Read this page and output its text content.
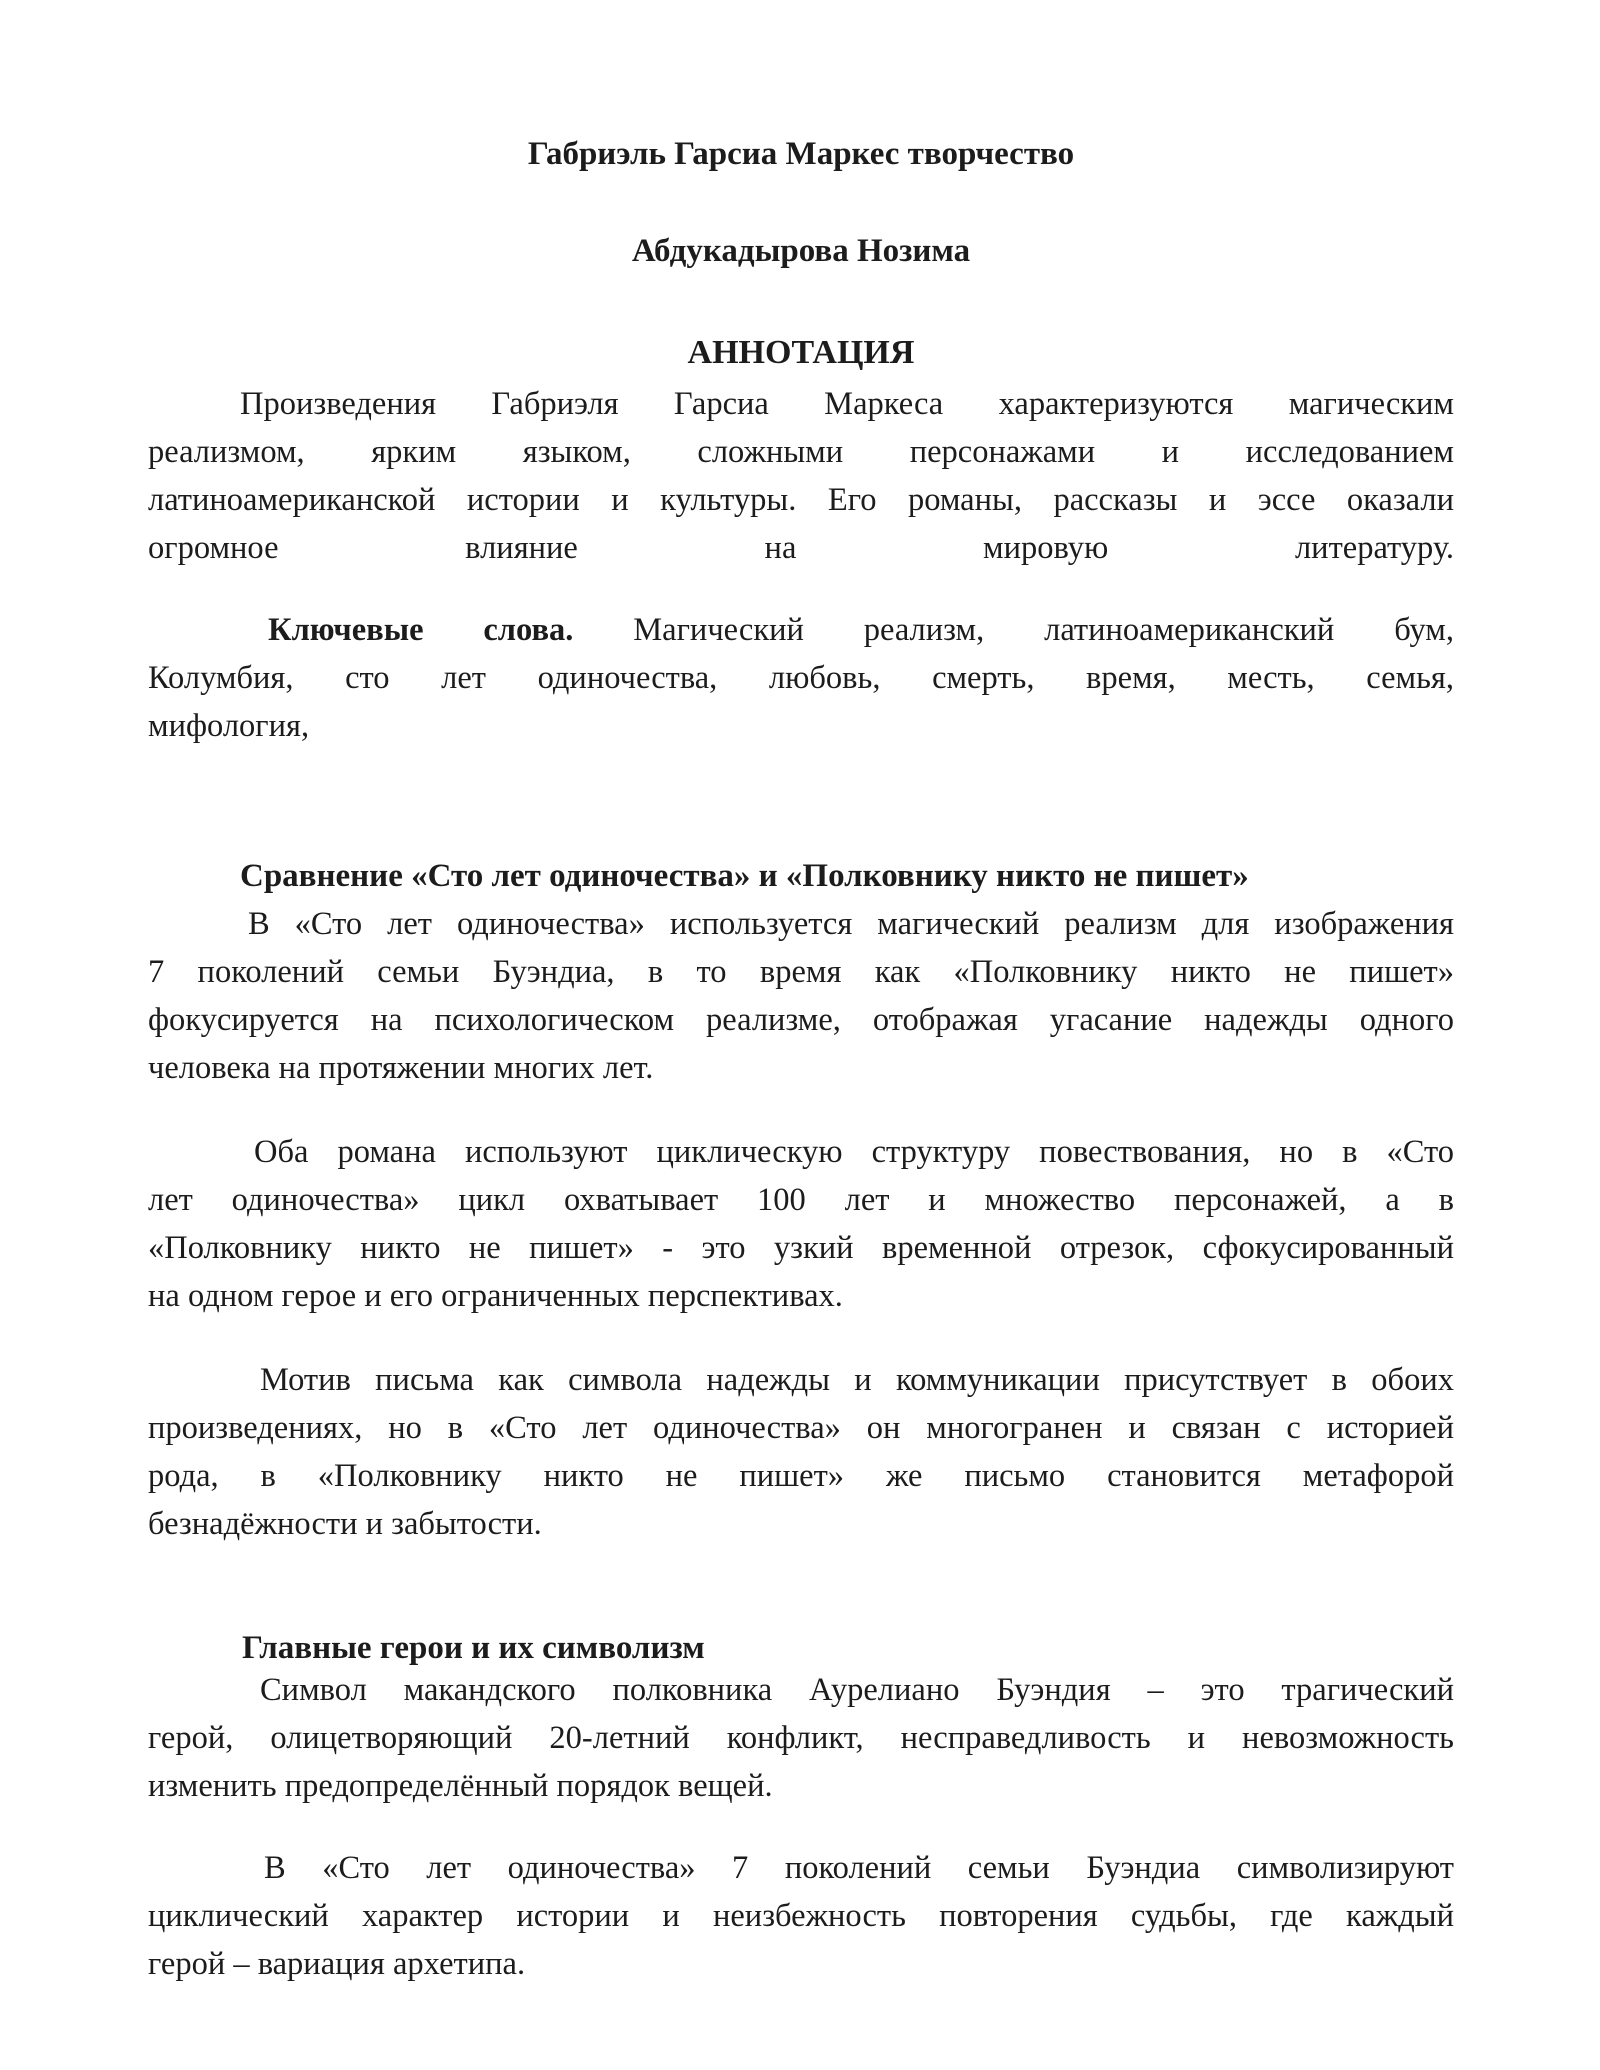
Габриэль Гарсиа Маркес творчество
Абдукадырова Нозима
АННОТАЦИЯ
Произведения Габриэля Гарсиа Маркеса характеризуются магическим
реализмом, ярким языком, сложными персонажами и исследованием
латиноамериканской истории и культуры. Его романы, рассказы и эссе оказали
огромное влияние на мировую литературу.
Ключевые слова. Магический реализм, латиноамериканский бум,
Колумбия, сто лет одиночества, любовь, смерть, время, месть, семья,
мифология,
Сравнение «Сто лет одиночества» и «Полковнику никто не пишет»
В «Сто лет одиночества» используется магический реализм для изображения
7 поколений семьи Буэндиа, в то время как «Полковнику никто не пишет»
фокусируется на психологическом реализме, отображая угасание надежды одного
человека на протяжении многих лет.
Оба романа используют циклическую структуру повествования, но в «Сто
лет одиночества» цикл охватывает 100 лет и множество персонажей, а в
«Полковнику никто не пишет» - это узкий временной отрезок, сфокусированный
на одном герое и его ограниченных перспективах.
Мотив письма как символа надежды и коммуникации присутствует в обоих
произведениях, но в «Сто лет одиночества» он многогранен и связан с историей
рода, в «Полковнику никто не пишет» же письмо становится метафорой
безнадёжности и забытости.
Главные герои и их символизм
Символ макандского полковника Аурелиано Буэндия – это трагический
герой, олицетворяющий 20-летний конфликт, несправедливость и невозможность
изменить предопределённый порядок вещей.
В «Сто лет одиночества» 7 поколений семьи Буэндиа символизируют
циклический характер истории и неизбежность повторения судьбы, где каждый
герой – вариация архетипа.
